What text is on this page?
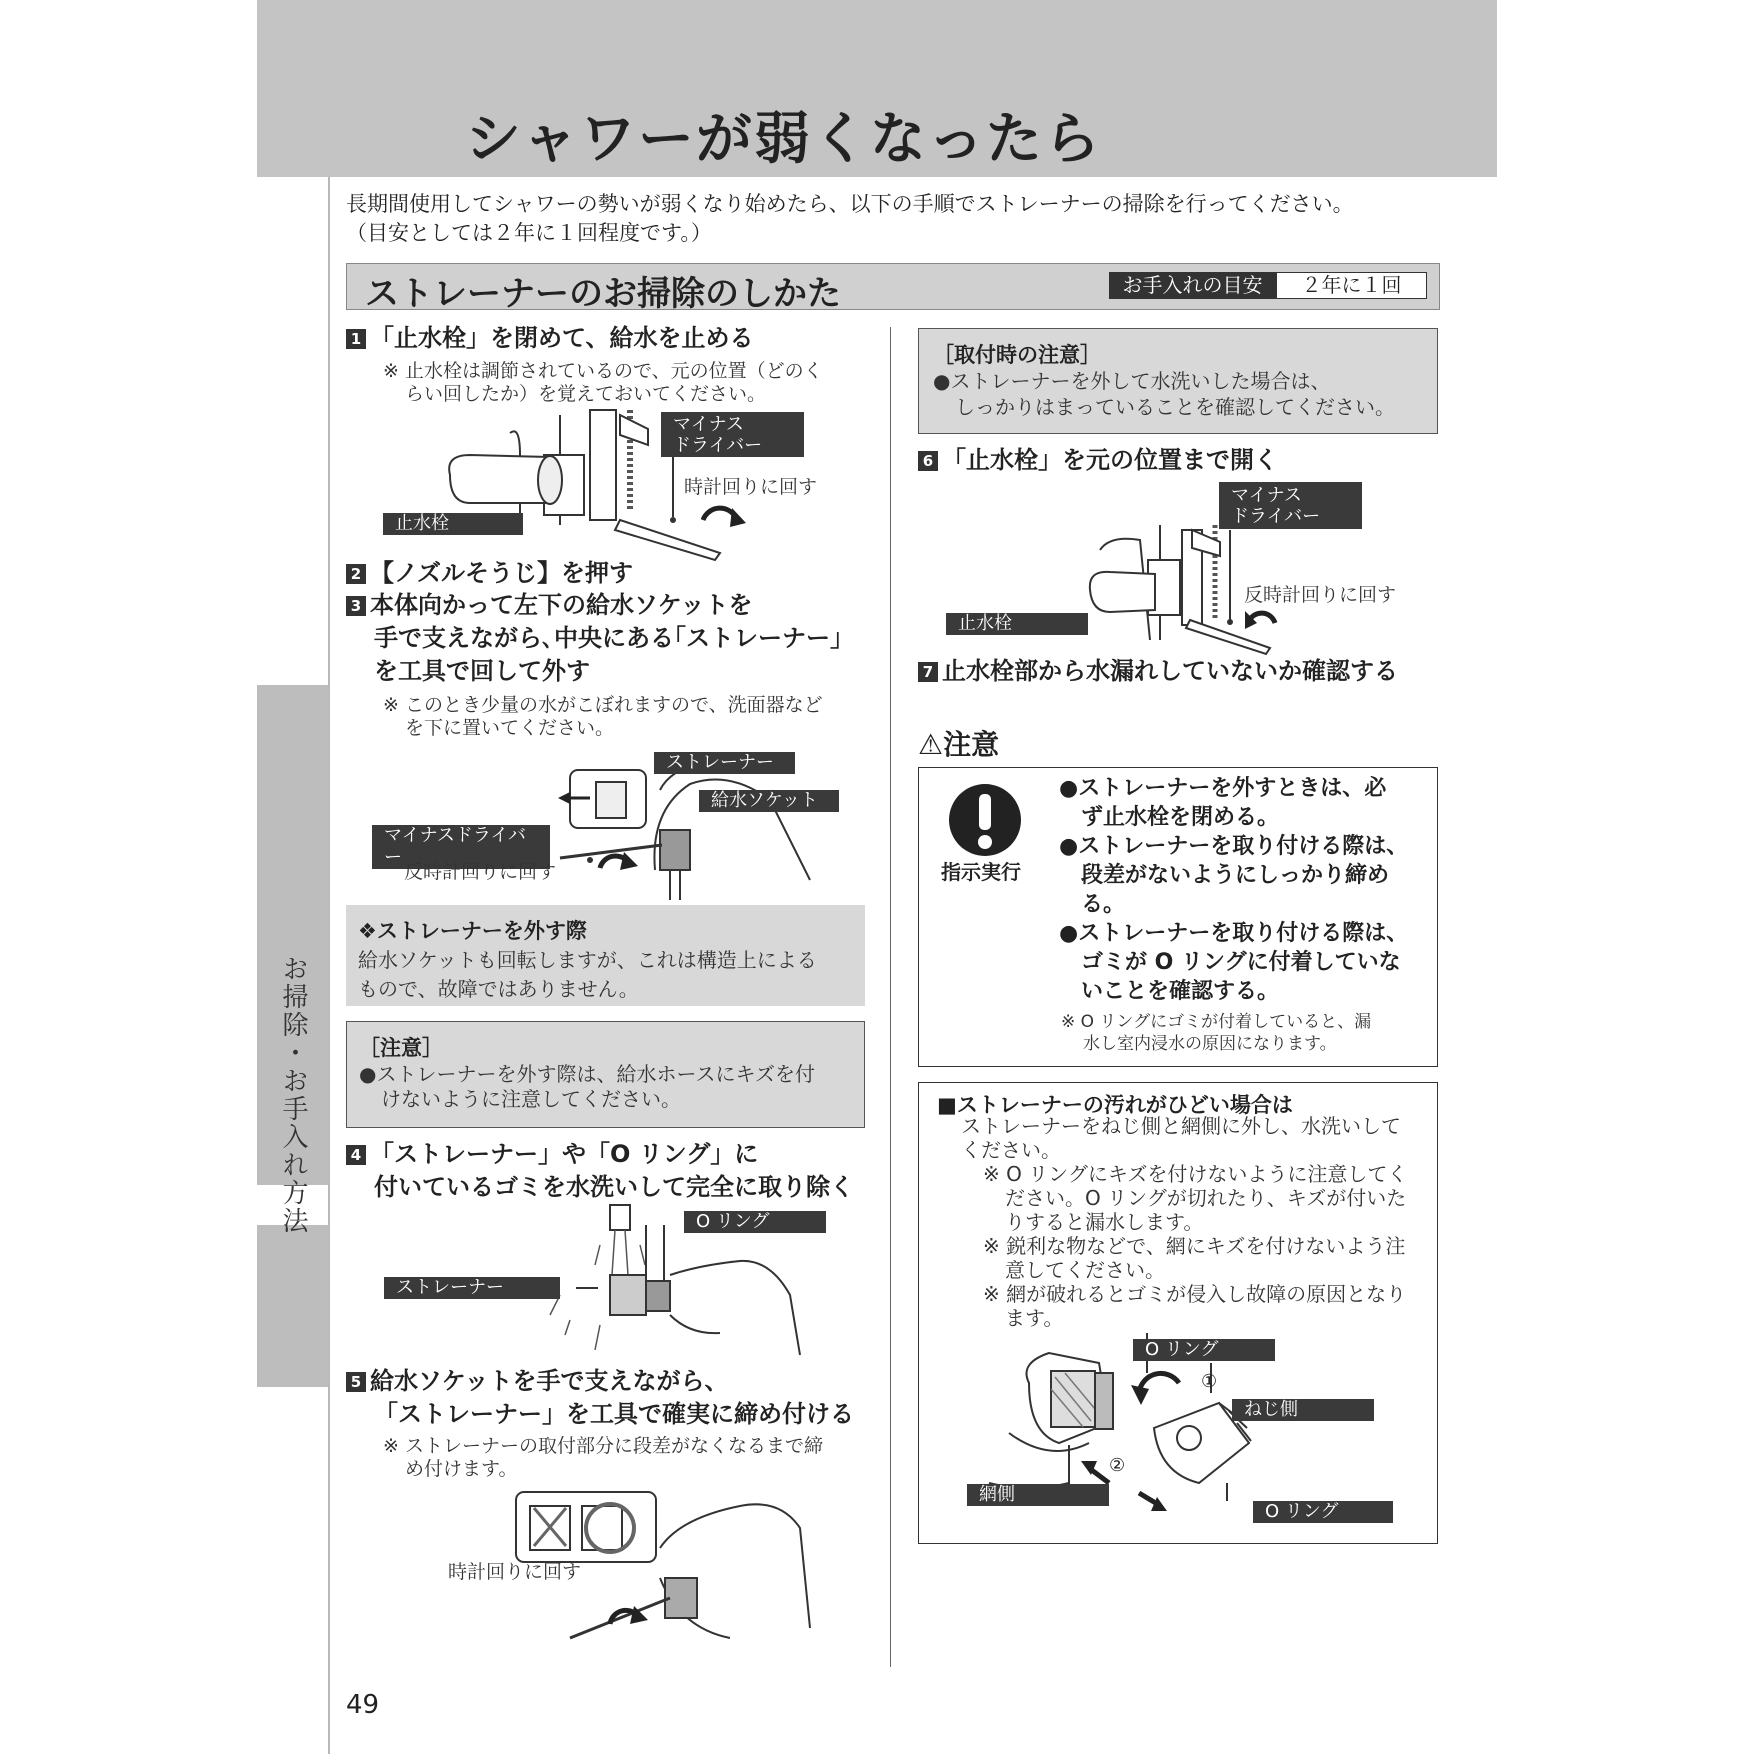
シャワーが弱くなったら
お掃除・お手入れ方法
長期間使用してシャワーの勢いが弱くなり始めたら、以下の手順でストレーナーの掃除を行ってください。
（目安としては２年に１回程度です。）
ストレーナーのお掃除のしかた	お手入れの目安	２年に１回
1 「止水栓」を閉めて、給水を止める
※ 止水栓は調節されているので、元の位置（どのく
らい回したか）を覚えておいてください。
マイナス
ドライバー
時計回りに回す
止水栓
2 【ノズルそうじ】を押す
3 本体向かって左下の給水ソケットを
手で支えながら､中央にある｢ストレーナー｣
を工具で回して外す
※ このとき少量の水がこぼれますので、洗面器など
を下に置いてください。
ストレーナー
給水ソケット
マイナスドライバー
反時計回りに回す
❖ストレーナーを外す際
給水ソケットも回転しますが、これは構造上による
もので、故障ではありません。
［注意］
●ストレーナーを外す際は、給水ホースにキズを付
けないように注意してください。
4 「ストレーナー」や「O リング」に
付いているゴミを水洗いして完全に取り除く
O リング
ストレーナー
5 給水ソケットを手で支えながら、
「ストレーナー」を工具で確実に締め付ける
※ ストレーナーの取付部分に段差がなくなるまで締
め付けます。
時計回りに回す
［取付時の注意］
●ストレーナーを外して水洗いした場合は、
しっかりはまっていることを確認してください。
6 「止水栓」を元の位置まで開く
マイナス
ドライバー
反時計回りに回す
止水栓
7 止水栓部から水漏れしていないか確認する
⚠注意
指示実行
●ストレーナーを外すときは、必
ず止水栓を閉める。
●ストレーナーを取り付ける際は、
段差がないようにしっかり締め
る。
●ストレーナーを取り付ける際は、
ゴミが O リングに付着していな
いことを確認する。
※ O リングにゴミが付着していると、漏
水し室内浸水の原因になります。
■ストレーナーの汚れがひどい場合は
ストレーナーをねじ側と網側に外し、水洗いして
ください。
※ O リングにキズを付けないように注意してく
ださい。O リングが切れたり、キズが付いた
りすると漏水します。
※ 鋭利な物などで、網にキズを付けないよう注
意してください。
※ 網が破れるとゴミが侵入し故障の原因となり
ます。
O リング
ねじ側
網側
O リング
①
②
49
